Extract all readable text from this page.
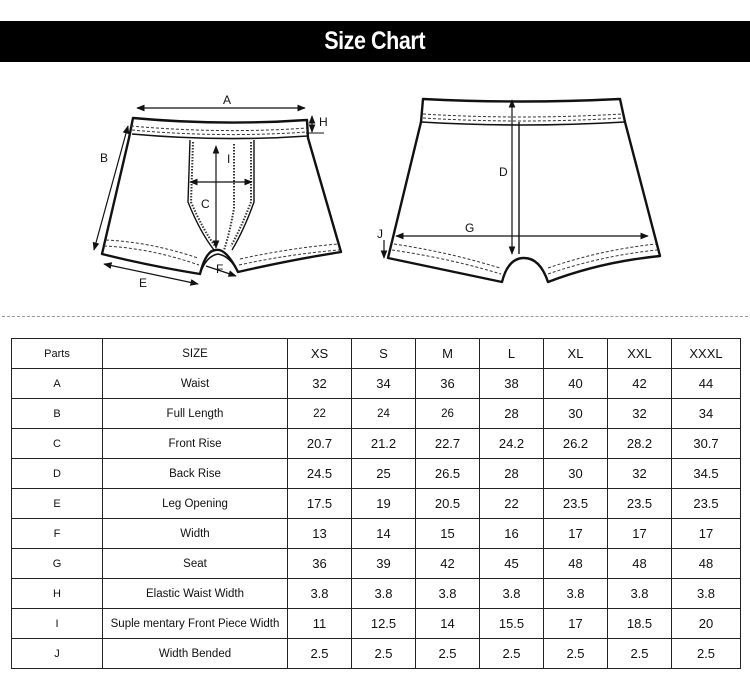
Size Chart
A
B
C
I
E
F
H
D
G
J
Parts	SIZE	XS	S	M	L	XL	XXL	XXXL
A	Waist	32	34	36	38	40	42	44
B	Full Length	22	24	26	28	30	32	34
C	Front Rise	20.7	21.2	22.7	24.2	26.2	28.2	30.7
D	Back Rise	24.5	25	26.5	28	30	32	34.5
E	Leg Opening	17.5	19	20.5	22	23.5	23.5	23.5
F	Width	13	14	15	16	17	17	17
G	Seat	36	39	42	45	48	48	48
H	Elastic Waist Width	3.8	3.8	3.8	3.8	3.8	3.8	3.8
I	Suple mentary Front Piece Width	11	12.5	14	15.5	17	18.5	20
J	Width Bended	2.5	2.5	2.5	2.5	2.5	2.5	2.5
